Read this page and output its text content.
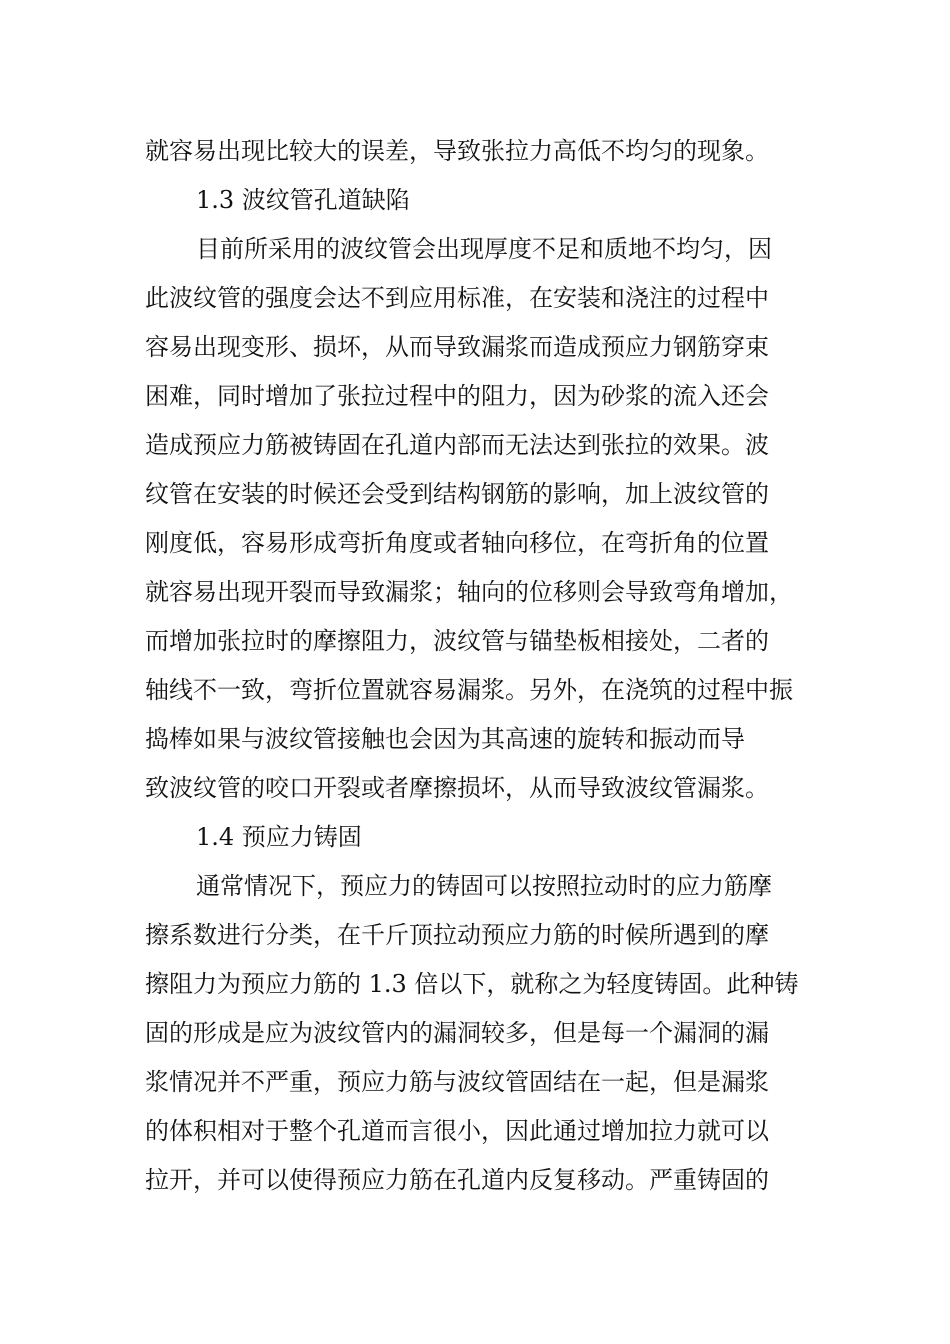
就容易出现比较大的误差，导致张拉力高低不均匀的现象。

1.3 波纹管孔道缺陷

目前所采用的波纹管会出现厚度不足和质地不均匀，因

此波纹管的强度会达不到应用标准，在安装和浇注的过程中

容易出现变形、损坏，从而导致漏浆而造成预应力钢筋穿束

困难，同时增加了张拉过程中的阻力，因为砂浆的流入还会

造成预应力筋被铸固在孔道内部而无法达到张拉的效果。波

纹管在安装的时候还会受到结构钢筋的影响，加上波纹管的

刚度低，容易形成弯折角度或者轴向移位，在弯折角的位置

就容易出现开裂而导致漏浆；轴向的位移则会导致弯角增加，

而增加张拉时的摩擦阻力，波纹管与锚垫板相接处，二者的

轴线不一致，弯折位置就容易漏浆。另外，在浇筑的过程中振

捣棒如果与波纹管接触也会因为其高速的旋转和振动而导

致波纹管的咬口开裂或者摩擦损坏，从而导致波纹管漏浆。

1.4 预应力铸固

通常情况下，预应力的铸固可以按照拉动时的应力筋摩

擦系数进行分类，在千斤顶拉动预应力筋的时候所遇到的摩

擦阻力为预应力筋的 1.3 倍以下，就称之为轻度铸固。此种铸

固的形成是应为波纹管内的漏洞较多，但是每一个漏洞的漏

浆情况并不严重，预应力筋与波纹管固结在一起，但是漏浆

的体积相对于整个孔道而言很小，因此通过增加拉力就可以

拉开，并可以使得预应力筋在孔道内反复移动。严重铸固的
